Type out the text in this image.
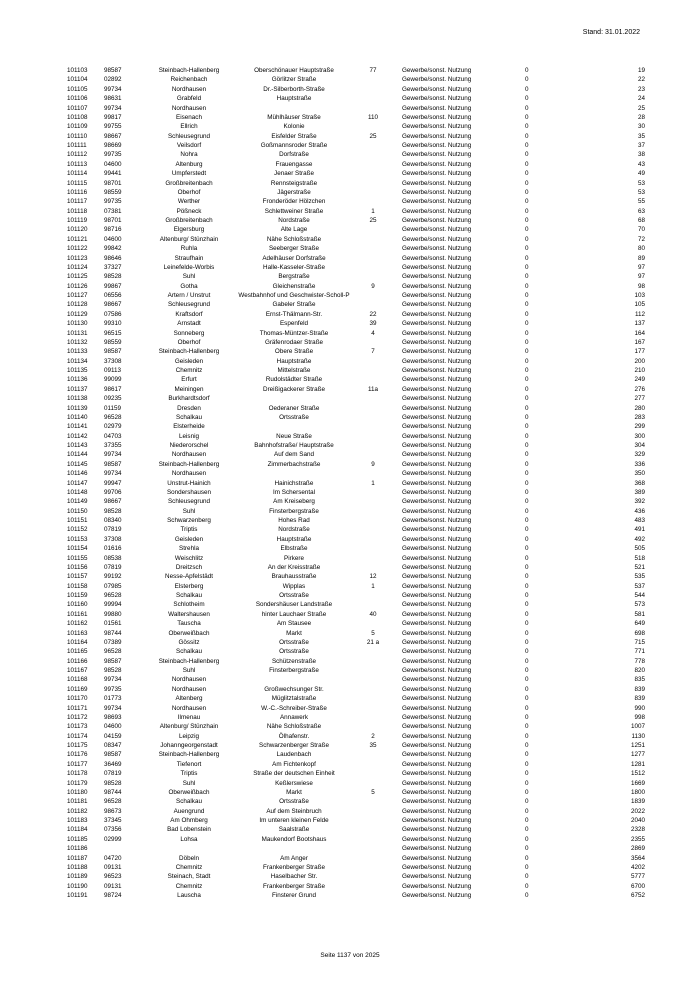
Stand: 31.01.2022
101103	98587	Steinbach-Hallenberg	Oberschönauer Hauptstraße	77	Gewerbe/sonst. Nutzung	0	19
101104	02892	Reichenbach	Görlitzer Straße		Gewerbe/sonst. Nutzung	0	22
101105	99734	Nordhausen	Dr.-Silberborth-Straße		Gewerbe/sonst. Nutzung	0	23
101106	98631	Grabfeld	Hauptstraße		Gewerbe/sonst. Nutzung	0	24
101107	99734	Nordhausen			Gewerbe/sonst. Nutzung	0	25
101108	99817	Eisenach	Mühlhäuser Straße	110	Gewerbe/sonst. Nutzung	0	28
101109	99755	Ellrich	Kolonie		Gewerbe/sonst. Nutzung	0	30
101110	98667	Schleusegrund	Eisfelder Straße	25	Gewerbe/sonst. Nutzung	0	35
101111	98669	Veilsdorf	Goßmannsroder Straße		Gewerbe/sonst. Nutzung	0	37
101112	99735	Nohra	Dorfstraße		Gewerbe/sonst. Nutzung	0	38
101113	04600	Altenburg	Frauengasse		Gewerbe/sonst. Nutzung	0	43
101114	99441	Umpferstedt	Jenaer Straße		Gewerbe/sonst. Nutzung	0	49
101115	98701	Großbreitenbach	Rennsteigstraße		Gewerbe/sonst. Nutzung	0	53
101116	98559	Oberhof	Jägerstraße		Gewerbe/sonst. Nutzung	0	53
101117	99735	Werther	Fronderöder Hölzchen		Gewerbe/sonst. Nutzung	0	55
101118	07381	Pößneck	Schlettweiner Straße	1	Gewerbe/sonst. Nutzung	0	63
101119	98701	Großbreitenbach	Nordstraße	25	Gewerbe/sonst. Nutzung	0	68
101120	98716	Elgersburg	Alte Lage		Gewerbe/sonst. Nutzung	0	70
101121	04600	Altenburg/ Stünzhain	Nähe Schloßstraße		Gewerbe/sonst. Nutzung	0	72
101122	99842	Ruhla	Seeberger Straße		Gewerbe/sonst. Nutzung	0	80
101123	98646	Straufhain	Adelhäuser Dorfstraße		Gewerbe/sonst. Nutzung	0	89
101124	37327	Leinefelde-Worbis	Halle-Kasseler-Straße		Gewerbe/sonst. Nutzung	0	97
101125	98528	Suhl	Bergstraße		Gewerbe/sonst. Nutzung	0	97
101126	99867	Gotha	Gleichenstraße	9	Gewerbe/sonst. Nutzung	0	98
101127	06556	Artern / Unstrut	Westbahnhof und Geschwister-Scholl-P		Gewerbe/sonst. Nutzung	0	103
101128	98667	Schleusegrund	Gabeler Straße		Gewerbe/sonst. Nutzung	0	105
101129	07586	Kraftsdorf	Ernst-Thälmann-Str.	22	Gewerbe/sonst. Nutzung	0	112
101130	99310	Arnstadt	Espenfeld	39	Gewerbe/sonst. Nutzung	0	137
101131	96515	Sonneberg	Thomas-Müntzer-Straße	4	Gewerbe/sonst. Nutzung	0	164
101132	98559	Oberhof	Gräfenrodaer Straße		Gewerbe/sonst. Nutzung	0	167
101133	98587	Steinbach-Hallenberg	Obere Straße	7	Gewerbe/sonst. Nutzung	0	177
101134	37308	Geisleden	Hauptstraße		Gewerbe/sonst. Nutzung	0	200
101135	09113	Chemnitz	Mittelstraße		Gewerbe/sonst. Nutzung	0	210
101136	99099	Erfurt	Rudolstädter Straße		Gewerbe/sonst. Nutzung	0	249
101137	98617	Meiningen	Dreißigackerer Straße	11a	Gewerbe/sonst. Nutzung	0	276
101138	09235	Burkhardtsdorf			Gewerbe/sonst. Nutzung	0	277
101139	01159	Dresden	Oederaner Straße		Gewerbe/sonst. Nutzung	0	280
101140	96528	Schalkau	Ortsstraße		Gewerbe/sonst. Nutzung	0	283
101141	02979	Elsterheide			Gewerbe/sonst. Nutzung	0	299
101142	04703	Leisnig	Neue Straße		Gewerbe/sonst. Nutzung	0	300
101143	37355	Niederorschel	Bahnhofstraße/ Hauptstraße		Gewerbe/sonst. Nutzung	0	304
101144	99734	Nordhausen	Auf dem Sand		Gewerbe/sonst. Nutzung	0	329
101145	98587	Steinbach-Hallenberg	Zimmerbachstraße	9	Gewerbe/sonst. Nutzung	0	336
101146	99734	Nordhausen			Gewerbe/sonst. Nutzung	0	350
101147	99947	Unstrut-Hainich	Hainichstraße	1	Gewerbe/sonst. Nutzung	0	368
101148	99706	Sondershausen	Im Schersental		Gewerbe/sonst. Nutzung	0	389
101149	98667	Schleusegrund	Am Kreiseberg		Gewerbe/sonst. Nutzung	0	392
101150	98528	Suhl	Finsterbergstraße		Gewerbe/sonst. Nutzung	0	436
101151	08340	Schwarzenberg	Hohes Rad		Gewerbe/sonst. Nutzung	0	483
101152	07819	Triptis	Nordstraße		Gewerbe/sonst. Nutzung	0	491
101153	37308	Geisleden	Hauptstraße		Gewerbe/sonst. Nutzung	0	492
101154	01616	Strehla	Elbstraße		Gewerbe/sonst. Nutzung	0	505
101155	08538	Weischlitz	Pirkere		Gewerbe/sonst. Nutzung	0	518
101156	07819	Dreitzsch	An der Kreisstraße		Gewerbe/sonst. Nutzung	0	521
101157	99192	Nesse-Apfelstädt	Brauhausstraße	12	Gewerbe/sonst. Nutzung	0	535
101158	07985	Elsterberg	Wipplas	1	Gewerbe/sonst. Nutzung	0	537
101159	96528	Schalkau	Ortsstraße		Gewerbe/sonst. Nutzung	0	544
101160	99994	Schlotheim	Sondershäuser Landstraße		Gewerbe/sonst. Nutzung	0	573
101161	99880	Waltershausen	hinter Lauchaer Straße	40	Gewerbe/sonst. Nutzung	0	581
101162	01561	Tauscha	Am Stausee		Gewerbe/sonst. Nutzung	0	649
101163	98744	Oberweißbach	Markt	5	Gewerbe/sonst. Nutzung	0	698
101164	07389	Gössitz	Ortsstraße	21 a	Gewerbe/sonst. Nutzung	0	715
101165	96528	Schalkau	Ortsstraße		Gewerbe/sonst. Nutzung	0	771
101166	98587	Steinbach-Hallenberg	Schützenstraße		Gewerbe/sonst. Nutzung	0	778
101167	98528	Suhl	Finsterbergstraße		Gewerbe/sonst. Nutzung	0	820
101168	99734	Nordhausen			Gewerbe/sonst. Nutzung	0	835
101169	99735	Nordhausen	Großwechsunger Str.		Gewerbe/sonst. Nutzung	0	839
101170	01773	Altenberg	Müglitztalstraße		Gewerbe/sonst. Nutzung	0	839
101171	99734	Nordhausen	W.-C.-Schreiber-Straße		Gewerbe/sonst. Nutzung	0	990
101172	98693	Ilmenau	Annawerk		Gewerbe/sonst. Nutzung	0	998
101173	04600	Altenburg/ Stünzhain	Nähe Schloßstraße		Gewerbe/sonst. Nutzung	0	1007
101174	04159	Leipzig	Ölhafenstr.	2	Gewerbe/sonst. Nutzung	0	1130
101175	08347	Johanngeorgenstadt	Schwarzenberger Straße	35	Gewerbe/sonst. Nutzung	0	1251
101176	98587	Steinbach-Hallenberg	Laudenbach		Gewerbe/sonst. Nutzung	0	1277
101177	36469	Tiefenort	Am Fichtenkopf		Gewerbe/sonst. Nutzung	0	1281
101178	07819	Triptis	Straße der deutschen Einheit		Gewerbe/sonst. Nutzung	0	1512
101179	98528	Suhl	Keßlerswiese		Gewerbe/sonst. Nutzung	0	1669
101180	98744	Oberweißbach	Markt	5	Gewerbe/sonst. Nutzung	0	1800
101181	96528	Schalkau	Ortsstraße		Gewerbe/sonst. Nutzung	0	1839
101182	98673	Auengrund	Auf dem Steinbruch		Gewerbe/sonst. Nutzung	0	2022
101183	37345	Am Ohmberg	Im unteren kleinen Felde		Gewerbe/sonst. Nutzung	0	2040
101184	07356	Bad Lobenstein	Saalstraße		Gewerbe/sonst. Nutzung	0	2328
101185	02999	Lohsa	Maukendorf Bootshaus		Gewerbe/sonst. Nutzung	0	2355
101186					Gewerbe/sonst. Nutzung	0	2869
101187	04720	Döbeln	Am Anger		Gewerbe/sonst. Nutzung	0	3564
101188	09131	Chemnitz	Frankenberger Straße		Gewerbe/sonst. Nutzung	0	4202
101189	96523	Steinach, Stadt	Haselbacher Str.		Gewerbe/sonst. Nutzung	0	5777
101190	09131	Chemnitz	Frankenberger Straße		Gewerbe/sonst. Nutzung	0	6700
101191	98724	Lauscha	Finsterer Grund		Gewerbe/sonst. Nutzung	0	6752
Seite 1137 von 2025
